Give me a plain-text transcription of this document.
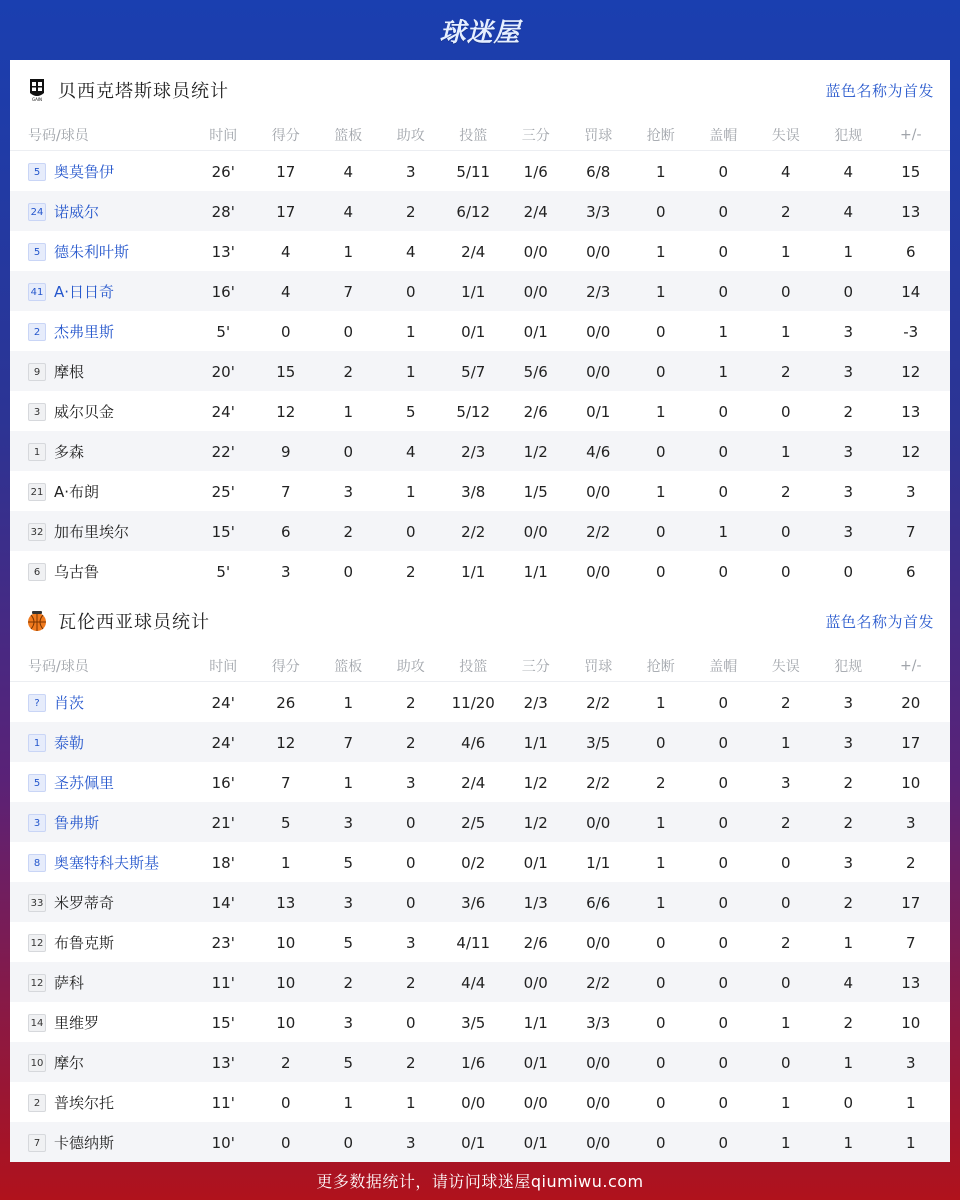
球迷屋
GAIN 贝西克塔斯球员统计	蓝色名称为首发
号码/球员	时间	得分	篮板	助攻	投篮	三分	罚球	抢断	盖帽	失误	犯规	+/-
5 奥莫鲁伊	26'	17	4	3	5/11	1/6	6/8	1	0	4	4	15
24 诺威尔	28'	17	4	2	6/12	2/4	3/3	0	0	2	4	13
5 德朱利叶斯	13'	4	1	4	2/4	0/0	0/0	1	0	1	1	6
41 A·日日奇	16'	4	7	0	1/1	0/0	2/3	1	0	0	0	14
2 杰弗里斯	5'	0	0	1	0/1	0/1	0/0	0	1	1	3	-3
9 摩根	20'	15	2	1	5/7	5/6	0/0	0	1	2	3	12
3 威尔贝金	24'	12	1	5	5/12	2/6	0/1	1	0	0	2	13
1 多森	22'	9	0	4	2/3	1/2	4/6	0	0	1	3	12
21 A·布朗	25'	7	3	1	3/8	1/5	0/0	1	0	2	3	3
32 加布里埃尔	15'	6	2	0	2/2	0/0	2/2	0	1	0	3	7
6 乌古鲁	5'	3	0	2	1/1	1/1	0/0	0	0	0	0	6
瓦伦西亚球员统计	蓝色名称为首发
号码/球员	时间	得分	篮板	助攻	投篮	三分	罚球	抢断	盖帽	失误	犯规	+/-
? 肖茨	24'	26	1	2	11/20	2/3	2/2	1	0	2	3	20
1 泰勒	24'	12	7	2	4/6	1/1	3/5	0	0	1	3	17
5 圣苏佩里	16'	7	1	3	2/4	1/2	2/2	2	0	3	2	10
3 鲁弗斯	21'	5	3	0	2/5	1/2	0/0	1	0	2	2	3
8 奥塞特科夫斯基	18'	1	5	0	0/2	0/1	1/1	1	0	0	3	2
33 米罗蒂奇	14'	13	3	0	3/6	1/3	6/6	1	0	0	2	17
12 布鲁克斯	23'	10	5	3	4/11	2/6	0/0	0	0	2	1	7
12 萨科	11'	10	2	2	4/4	0/0	2/2	0	0	0	4	13
14 里维罗	15'	10	3	0	3/5	1/1	3/3	0	0	1	2	10
10 摩尔	13'	2	5	2	1/6	0/1	0/0	0	0	0	1	3
2 普埃尔托	11'	0	1	1	0/0	0/0	0/0	0	0	1	0	1
7 卡德纳斯	10'	0	0	3	0/1	0/1	0/0	0	0	1	1	1
更多数据统计，请访问球迷屋qiumiwu.com
